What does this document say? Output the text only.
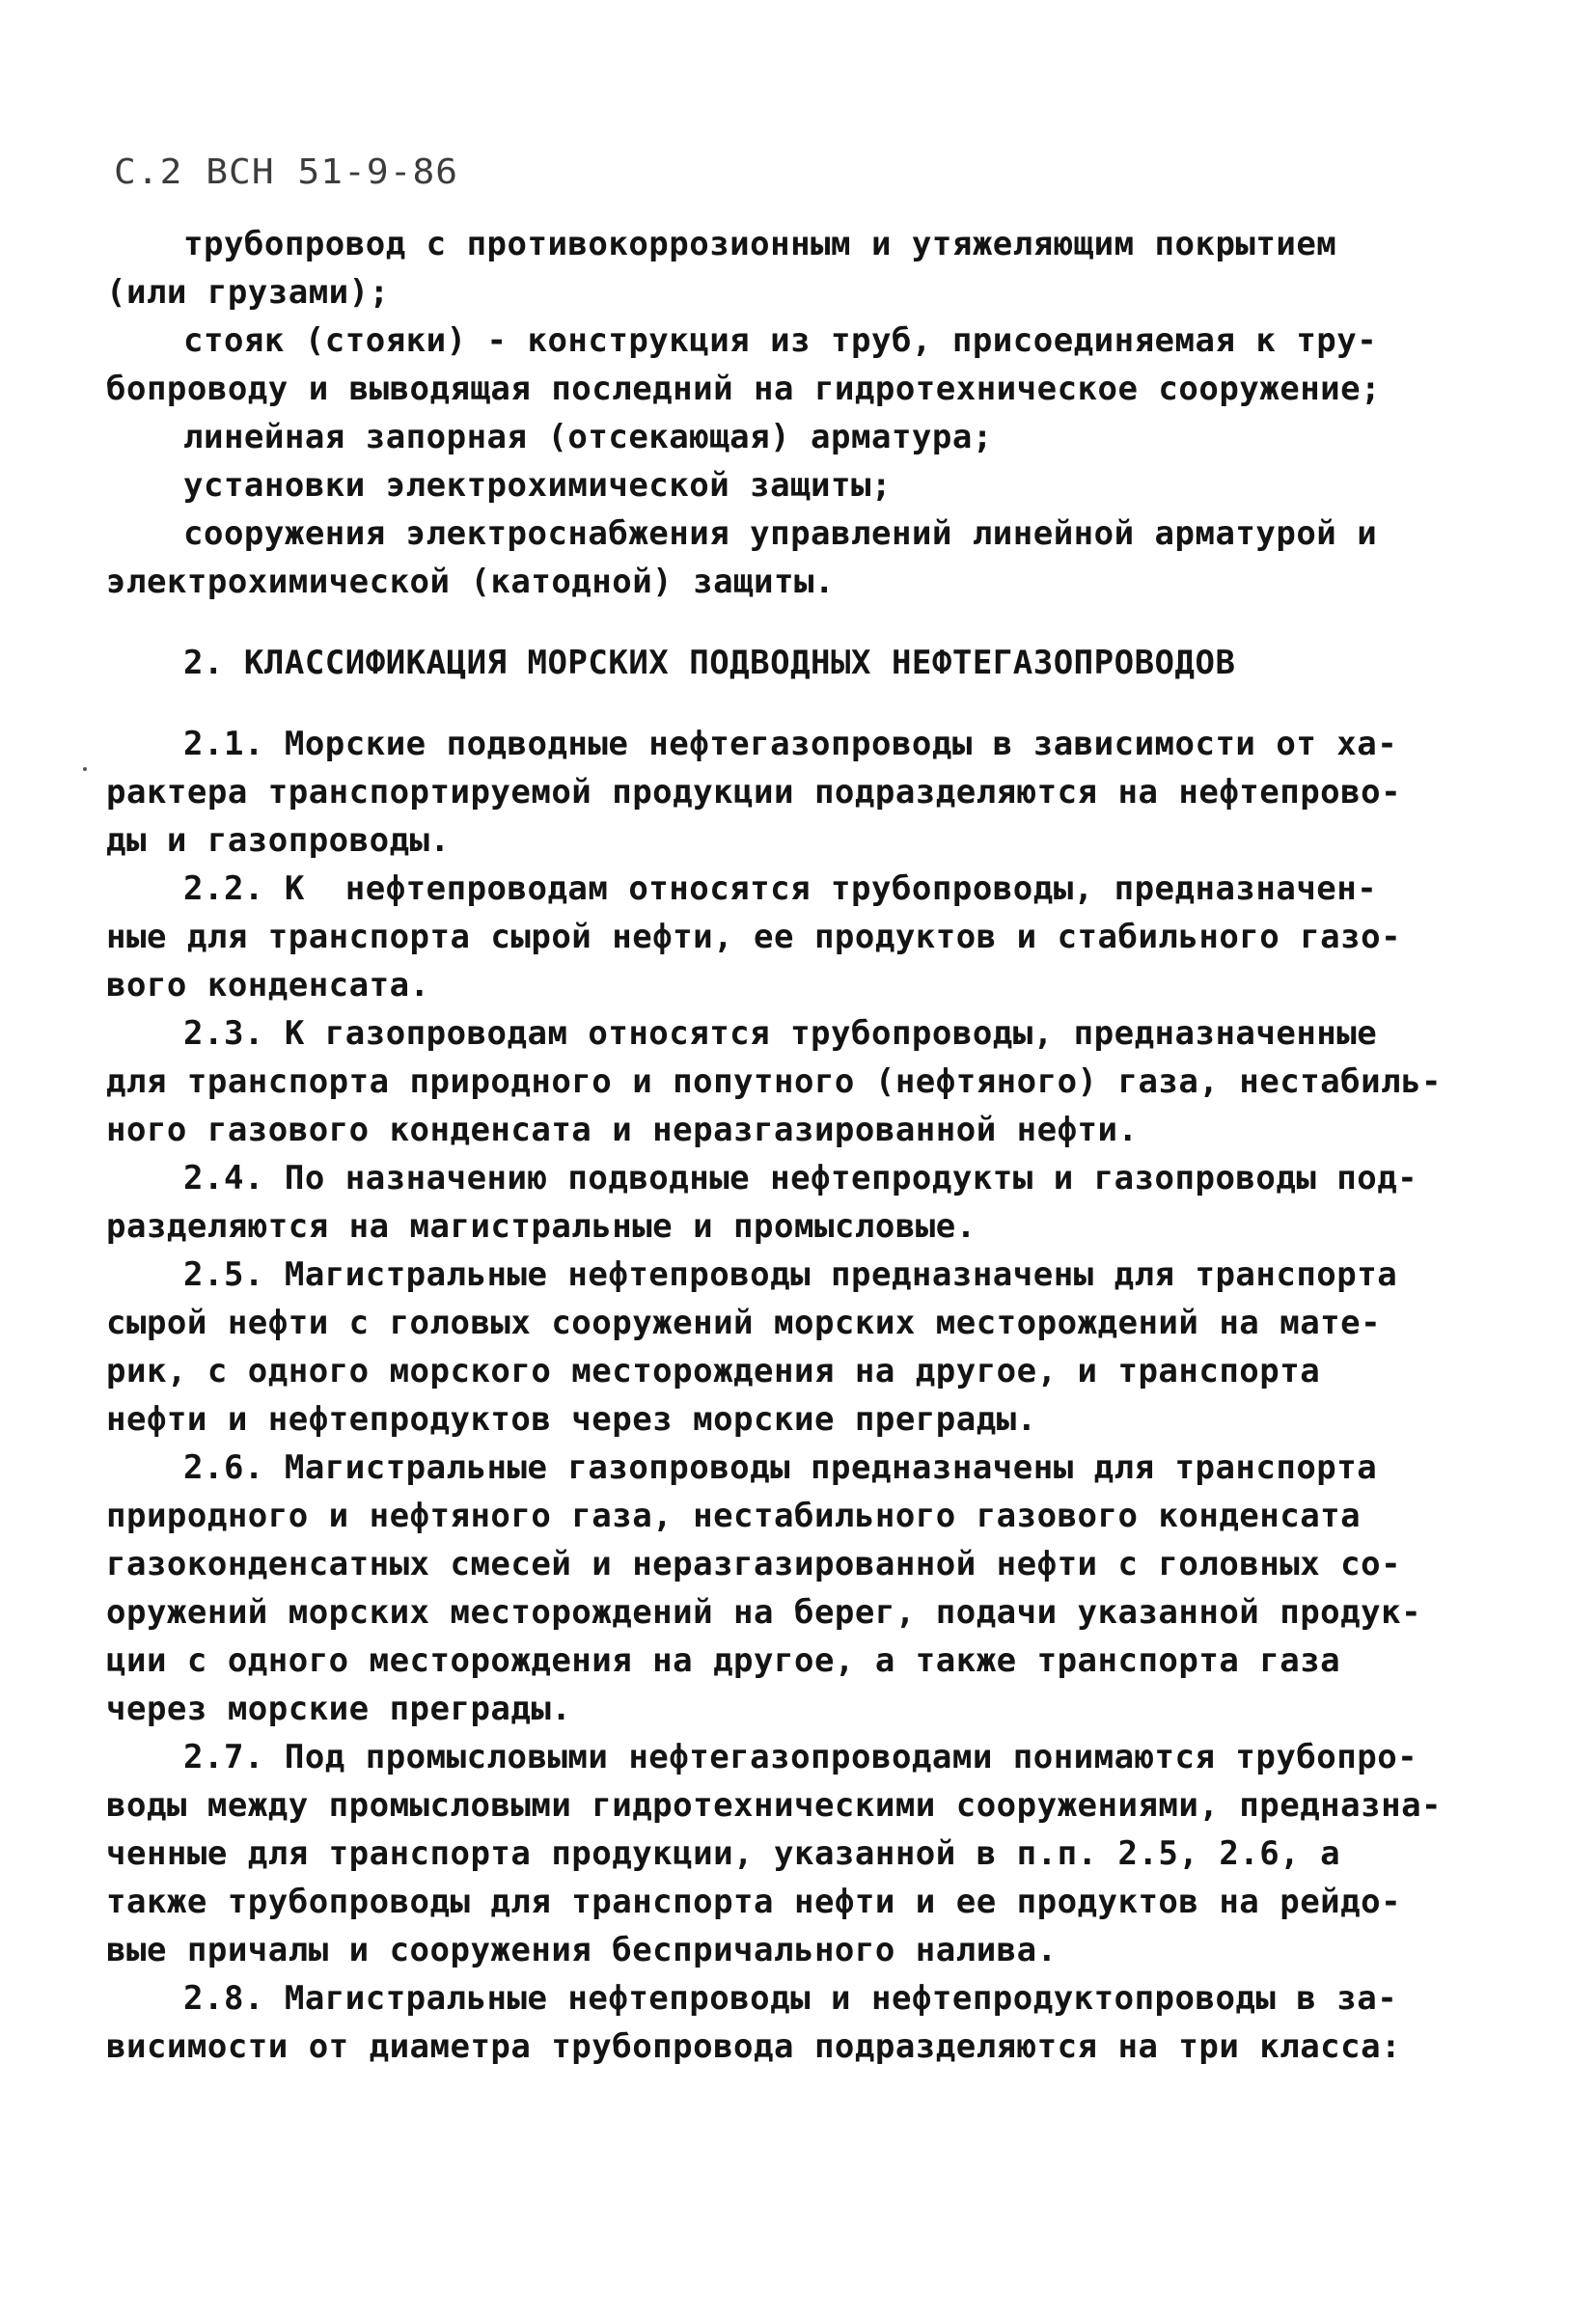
С.2 ВСН 51-9-86
трубопровод с противокоррозионным и утяжеляющим покрытием
(или грузами);
стояк (стояки) - конструкция из труб, присоединяемая к тру-
бопроводу и выводящая последний на гидротехническое сооружение;
линейная запорная (отсекающая) арматура;
установки электрохимической защиты;
сооружения электроснабжения управлений линейной арматурой и
электрохимической (катодной) защиты.
2. КЛАССИФИКАЦИЯ МОРСКИХ ПОДВОДНЫХ НЕФТЕГАЗОПРОВОДОВ
2.1. Морские подводные нефтегазопроводы в зависимости от ха-
рактера транспортируемой продукции подразделяются на нефтепрово-
ды и газопроводы.
2.2. К  нефтепроводам относятся трубопроводы, предназначен-
ные для транспорта сырой нефти, ее продуктов и стабильного газо-
вого конденсата.
2.3. К газопроводам относятся трубопроводы, предназначенные
для транспорта природного и попутного (нефтяного) газа, нестабиль-
ного газового конденсата и неразгазированной нефти.
2.4. По назначению подводные нефтепродукты и газопроводы под-
разделяются на магистральные и промысловые.
2.5. Магистральные нефтепроводы предназначены для транспорта
сырой нефти с головых сооружений морских месторождений на мате-
рик, с одного морского месторождения на другое, и транспорта
нефти и нефтепродуктов через морские преграды.
2.6. Магистральные газопроводы предназначены для транспорта
природного и нефтяного газа, нестабильного газового конденсата
газоконденсатных смесей и неразгазированной нефти с головных со-
оружений морских месторождений на берег, подачи указанной продук-
ции с одного месторождения на другое, а также транспорта газа
через морские преграды.
2.7. Под промысловыми нефтегазопроводами понимаются трубопро-
воды между промысловыми гидротехническими сооружениями, предназна-
ченные для транспорта продукции, указанной в п.п. 2.5, 2.6, а
также трубопроводы для транспорта нефти и ее продуктов на рейдо-
вые причалы и сооружения беспричального налива.
2.8. Магистральные нефтепроводы и нефтепродуктопроводы в за-
висимости от диаметра трубопровода подразделяются на три класса:
